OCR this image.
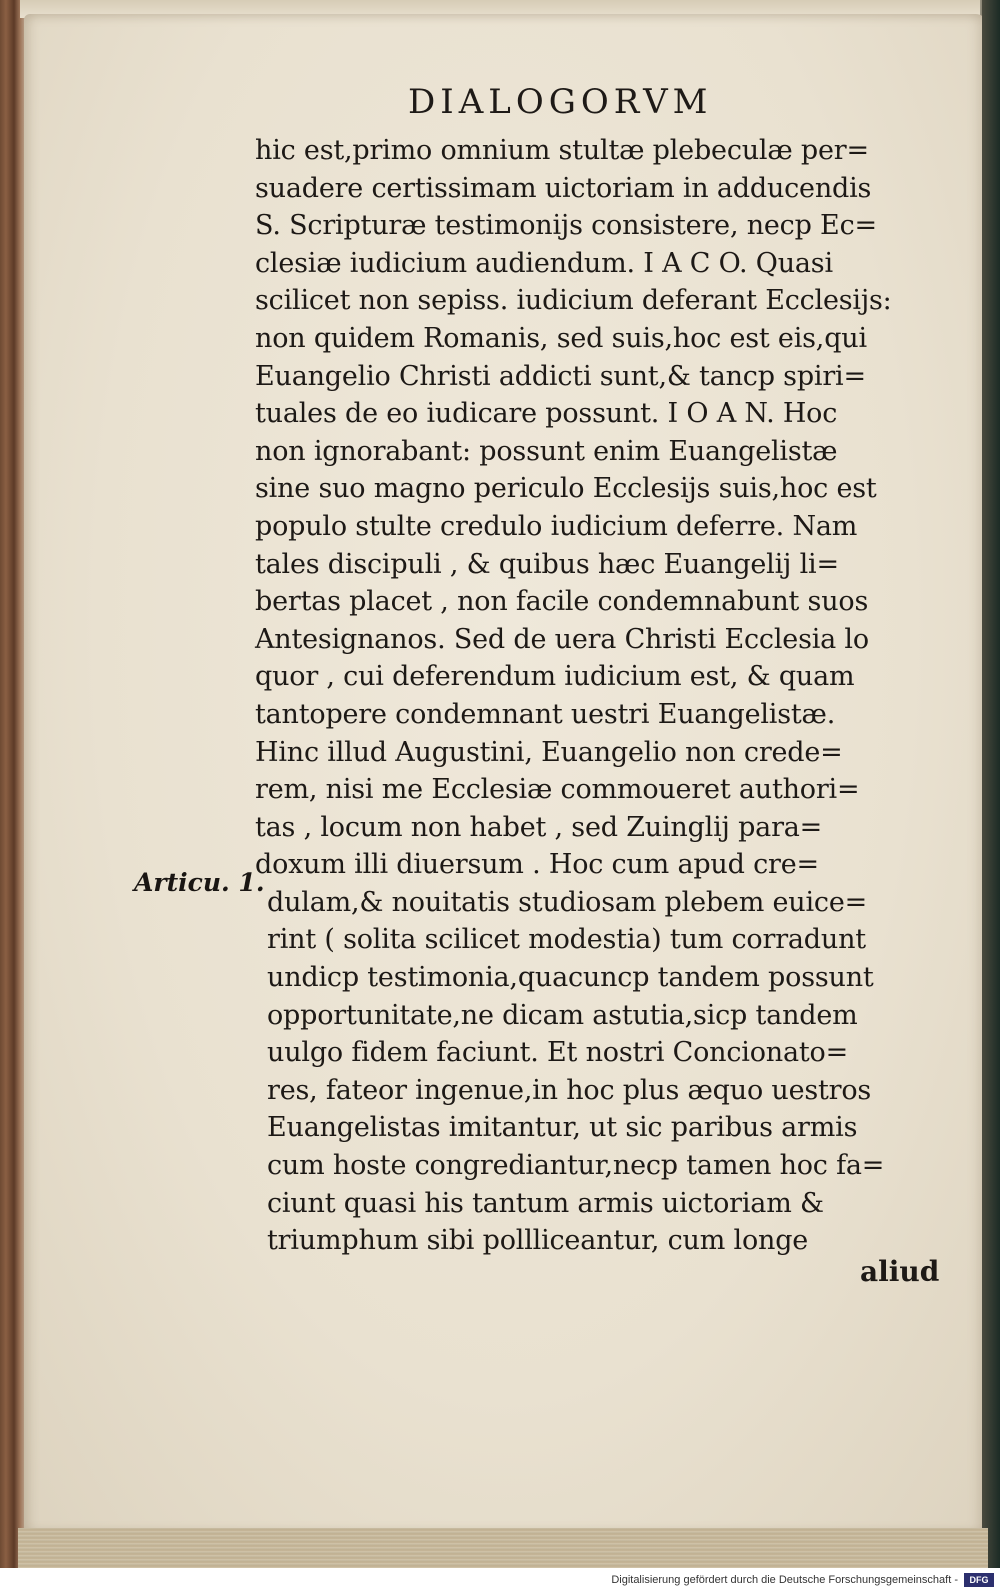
DIALOGORVM
Articu. 1.
hic est,primo omnium stultæ plebeculæ per=
suadere certissimam uictoriam in adducendis
S. Scripturæ testimonijs consistere, necp Ec=
clesiæ iudicium audiendum. I A C O. Quasi
scilicet non sepiss. iudicium deferant Ecclesijs:
non quidem Romanis, sed suis,hoc est eis,qui
Euangelio Christi addicti sunt,& tancp spiri=
tuales de eo iudicare possunt. I O A N. Hoc
non ignorabant: possunt enim Euangelistæ
sine suo magno periculo Ecclesijs suis,hoc est
populo stulte credulo iudicium deferre. Nam
tales discipuli , & quibus hæc Euangelij li=
bertas placet , non facile condemnabunt suos
Antesignanos. Sed de uera Christi Ecclesia lo
quor , cui deferendum iudicium est, & quam
tantopere condemnant uestri Euangelistæ.
Hinc illud Augustini, Euangelio non crede=
rem, nisi me Ecclesiæ commoueret authori=
tas , locum non habet , sed Zuinglij para=
doxum illi diuersum . Hoc cum apud cre=
dulam,& nouitatis studiosam plebem euice=
rint ( solita scilicet modestia) tum corradunt
undicp testimonia,quacuncp tandem possunt
opportunitate,ne dicam astutia,sicp tandem
uulgo fidem faciunt. Et nostri Concionato=
res, fateor ingenue,in hoc plus æquo uestros
Euangelistas imitantur, ut sic paribus armis
cum hoste congrediantur,necp tamen hoc fa=
ciunt quasi his tantum armis uictoriam &
triumphum sibi pollliceantur, cum longe
aliud
Digitalisierung gefördert durch die Deutsche Forschungsgemeinschaft -	DFG
